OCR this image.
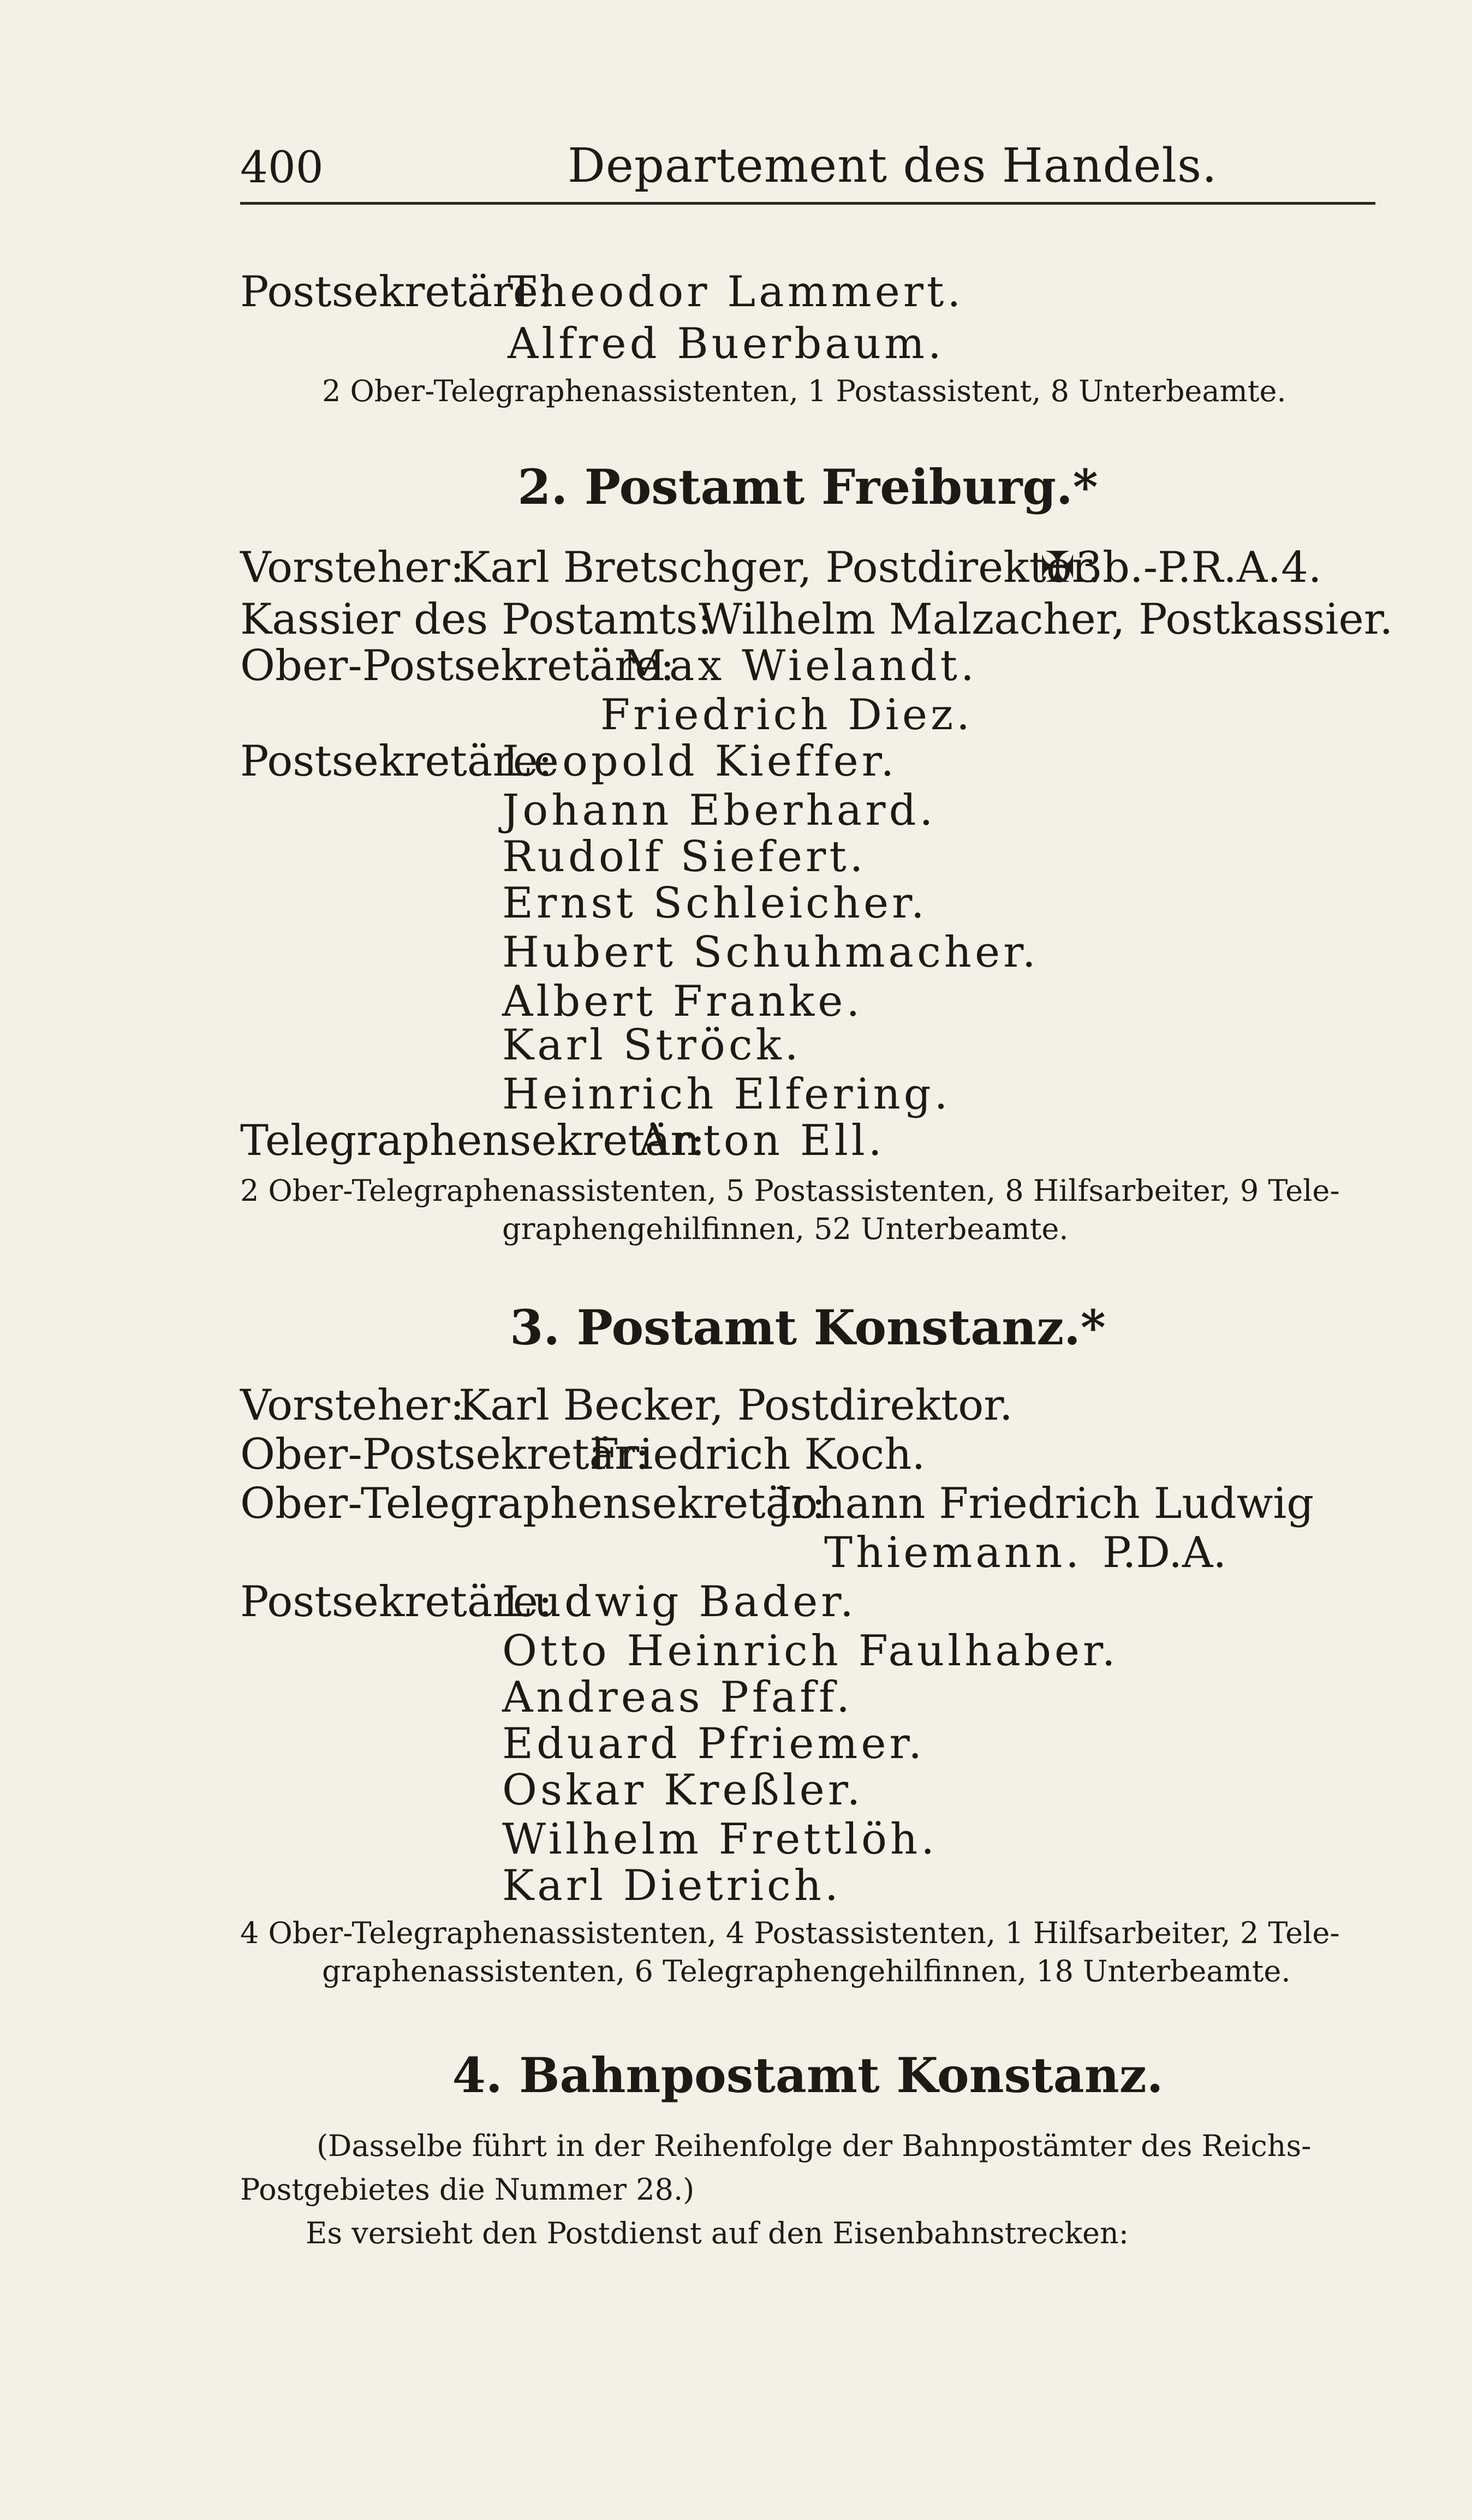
400	Departement des Handels.
Postsekretäre:
Theodor Lammert.
Alfred Buerbaum.
2 Ober-Telegraphenassistenten, 1 Postassistent, 8 Unterbeamte.
2. Postamt Freiburg.*
Vorsteher:
Karl Bretschger, Postdirektor.
✠3b.-P.R.A.4.
Kassier des Postamts:
Wilhelm Malzacher, Postkassier.
Ober-Postsekretäre:
Max Wielandt.
Friedrich Diez.
Postsekretäre:
Leopold Kieffer.
Johann Eberhard.
Rudolf Siefert.
Ernst Schleicher.
Hubert Schuhmacher.
Albert Franke.
Karl Ströck.
Heinrich Elfering.
Telegraphensekretär:
Anton Ell.
2 Ober-Telegraphenassistenten, 5 Postassistenten, 8 Hilfsarbeiter, 9 Tele-
graphengehilfinnen, 52 Unterbeamte.
3. Postamt Konstanz.*
Vorsteher:
Karl Becker, Postdirektor.
Ober-Postsekretär:
Friedrich Koch.
Ober-Telegraphensekretär:
Johann Friedrich Ludwig
Thiemann. P.D.A.
Postsekretäre:
Ludwig Bader.
Otto Heinrich Faulhaber.
Andreas Pfaff.
Eduard Pfriemer.
Oskar Kreßler.
Wilhelm Frettlöh.
Karl Dietrich.
4 Ober-Telegraphenassistenten, 4 Postassistenten, 1 Hilfsarbeiter, 2 Tele-
graphenassistenten, 6 Telegraphengehilfinnen, 18 Unterbeamte.
4. Bahnpostamt Konstanz.
(Dasselbe führt in der Reihenfolge der Bahnpostämter des Reichs-
Postgebietes die Nummer 28.)
Es versieht den Postdienst auf den Eisenbahnstrecken:
